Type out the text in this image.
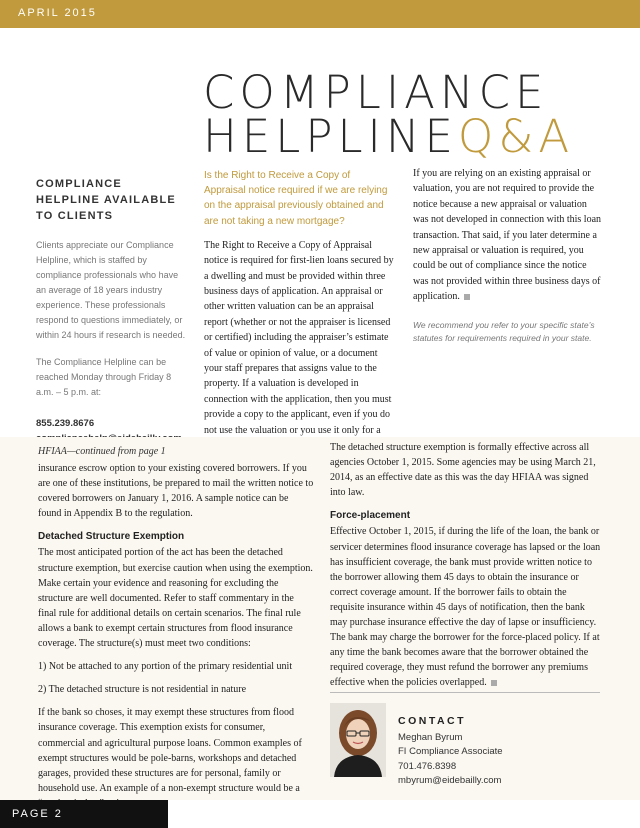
APRIL 2015
COMPLIANCE
HELPLINEQ&A
COMPLIANCE HELPLINE AVAILABLE TO CLIENTS

Clients appreciate our Compliance Helpline, which is staffed by compliance professionals who have an average of 18 years industry experience. These professionals respond to questions immediately, or within 24 hours if research is needed.

The Compliance Helpline can be reached Monday through Friday 8 a.m. – 5 p.m. at:

855.239.8676
Is the Right to Receive a Copy of Appraisal notice required if we are relying on the appraisal previously obtained and are not taking a new mortgage?

The Right to Receive a Copy of Appraisal notice is required for first-lien loans secured by a dwelling and must be provided within three business days of application. An appraisal or other written valuation can be an appraisal report (whether or not the appraiser is licensed or certified) including the appraiser’s estimate of value or opinion of value, or a document your staff prepares that assigns value to the property. If a valuation is developed in connection with the application, then you must provide a copy to the applicant, even if you do not use the valuation or you use it only for a

If you are relying on an existing appraisal or valuation, you are not required to provide the notice because a new appraisal or valuation was not developed in connection with this loan transaction. That said, if you later determine a new appraisal or valuation is required, you could be out of compliance since the notice was not provided within three business days of application.

We recommend you refer to your specific state’s statutes for requirements required in your state.
HFIAA—continued from page 1

insurance escrow option to your existing covered borrowers. If you are one of these institutions, be prepared to mail the written notice to covered borrowers on January 1, 2016. A sample notice can be found in Appendix B to the regulation.

Detached Structure Exemption

The most anticipated portion of the act has been the detached structure exemption, but exercise caution when using the exemption. Make certain your evidence and reasoning for excluding the structure are well documented. Refer to staff commentary in the final rule for additional details on certain scenarios. The final rule allows a bank to exempt certain structures from flood insurance coverage. The structure(s) must meet two conditions:

1) Not be attached to any portion of the primary residential unit

2) The detached structure is not residential in nature

If the bank so choses, it may exempt these structures from flood insurance coverage. This exemption exists for consumer, commercial and agricultural purpose loans. Common examples of exempt structures would be pole-barns, workshops and detached garages, provided these structures are for personal, family or household use. An example of a non-exempt structure would be a

The detached structure exemption is formally effective across all agencies October 1, 2015. Some agencies may be using March 21, 2014, as an effective date as this was the day HFIAA was signed into law.

Force-placement

Effective October 1, 2015, if during the life of the loan, the bank or servicer determines flood insurance coverage has lapsed or the loan has insufficient coverage, the bank must provide written notice to the borrower allowing them 45 days to obtain the insurance or correct coverage amount. If the borrower fails to obtain the requisite insurance within 45 days of notification, then the bank may purchase insurance effective the day of lapse or insufficiency. The bank may charge the borrower for the force-placed policy. If at any time the bank becomes aware that the borrower obtained the required coverage, they must refund the borrower any premiums effective when the policies overlapped.

CONTACT
Meghan Byrum
FI Compliance Associate
701.476.8398
mbyrum@eidebailly.com
PAGE 2
